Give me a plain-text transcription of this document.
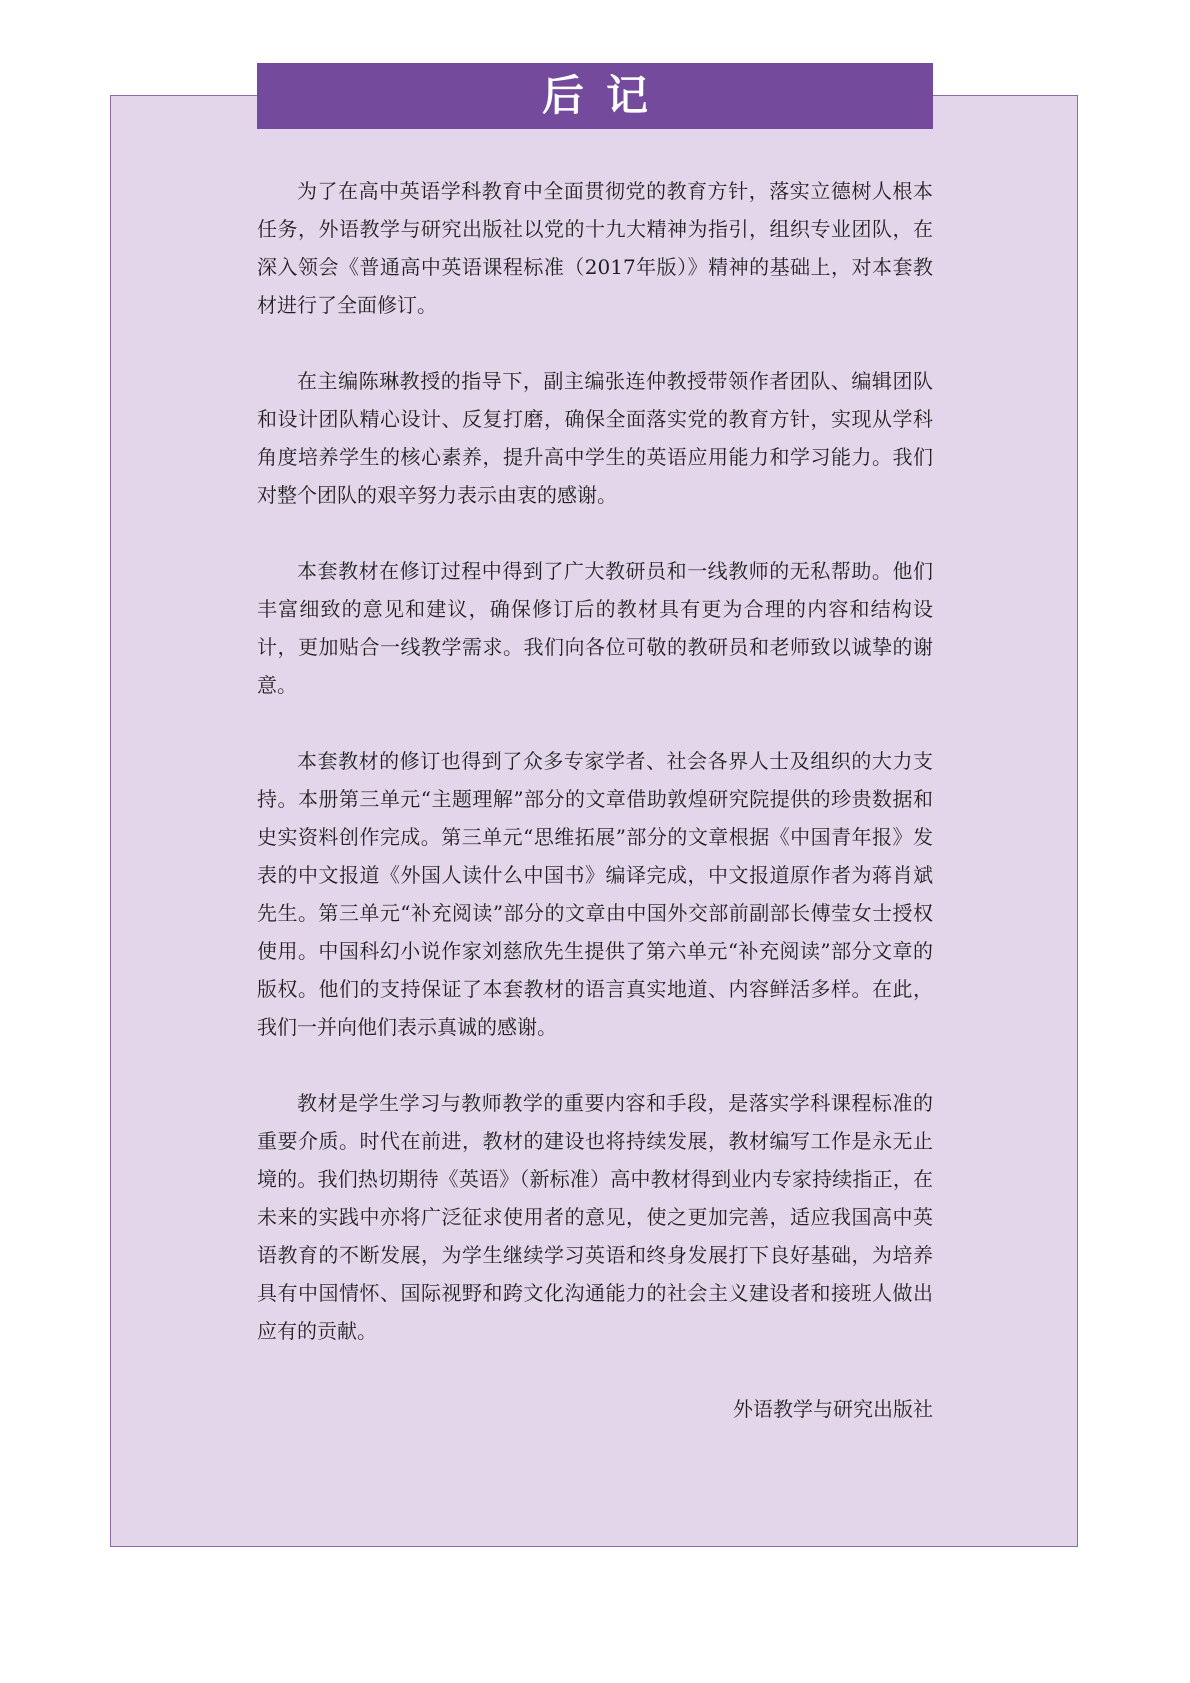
后记

为了在高中英语学科教育中全面贯彻党的教育方针，落实立德树人根本任务，外语教学与研究出版社以党的十九大精神为指引，组织专业团队，在深入领会《普通高中英语课程标准（2017年版）》精神的基础上，对本套教材进行了全面修订。

在主编陈琳教授的指导下，副主编张连仲教授带领作者团队、编辑团队和设计团队精心设计、反复打磨，确保全面落实党的教育方针，实现从学科角度培养学生的核心素养，提升高中学生的英语应用能力和学习能力。我们对整个团队的艰辛努力表示由衷的感谢。

本套教材在修订过程中得到了广大教研员和一线教师的无私帮助。他们丰富细致的意见和建议，确保修订后的教材具有更为合理的内容和结构设计，更加贴合一线教学需求。我们向各位可敬的教研员和老师致以诚挚的谢意。

本套教材的修订也得到了众多专家学者、社会各界人士及组织的大力支持。本册第三单元“主题理解”部分的文章借助敦煌研究院提供的珍贵数据和史实资料创作完成。第三单元“思维拓展”部分的文章根据《中国青年报》发表的中文报道《外国人读什么中国书》编译完成，中文报道原作者为蒋肖斌先生。第三单元“补充阅读”部分的文章由中国外交部前副部长傅莹女士授权使用。中国科幻小说作家刘慈欣先生提供了第六单元“补充阅读”部分文章的版权。他们的支持保证了本套教材的语言真实地道、内容鲜活多样。在此，我们一并向他们表示真诚的感谢。

教材是学生学习与教师教学的重要内容和手段，是落实学科课程标准的重要介质。时代在前进，教材的建设也将持续发展，教材编写工作是永无止境的。我们热切期待《英语》（新标准）高中教材得到业内专家持续指正，在未来的实践中亦将广泛征求使用者的意见，使之更加完善，适应我国高中英语教育的不断发展，为学生继续学习英语和终身发展打下良好基础，为培养具有中国情怀、国际视野和跨文化沟通能力的社会主义建设者和接班人做出应有的贡献。

外语教学与研究出版社
